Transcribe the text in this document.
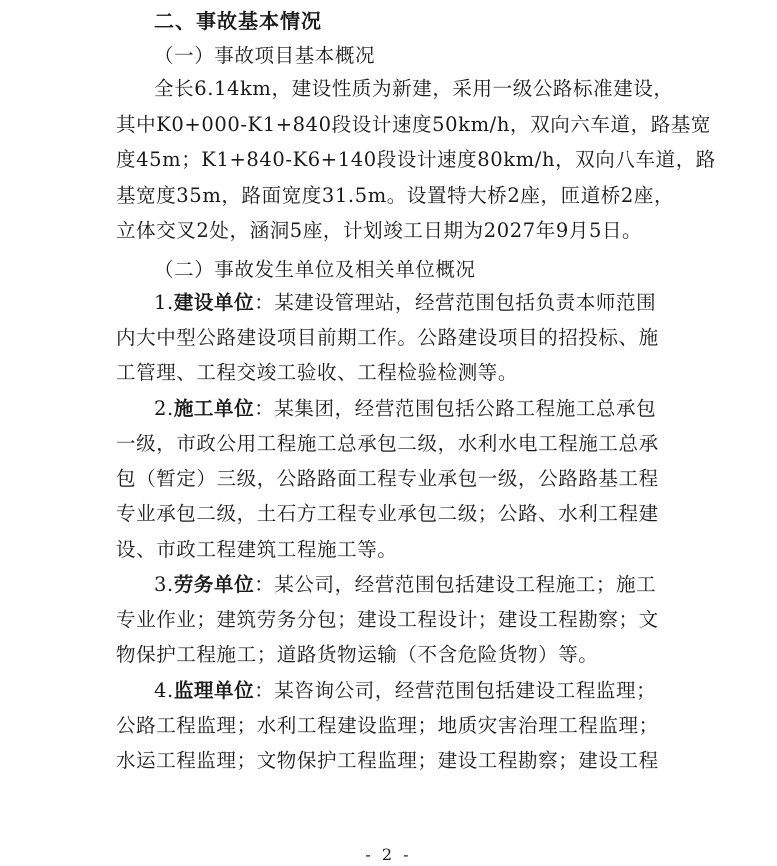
二、事故基本情况
（一）事故项目基本概况
全长6.14km，建设性质为新建，采用一级公路标准建设，
其中K0+000-K1+840段设计速度50km/h，双向六车道，路基宽
度45m；K1+840-K6+140段设计速度80km/h，双向八车道，路
基宽度35m，路面宽度31.5m。设置特大桥2座，匝道桥2座，
立体交叉2处，涵洞5座，计划竣工日期为2027年9月5日。
（二）事故发生单位及相关单位概况
1.建设单位：某建设管理站，经营范围包括负责本师范围
内大中型公路建设项目前期工作。公路建设项目的招投标、施
工管理、工程交竣工验收、工程检验检测等。
2.施工单位：某集团，经营范围包括公路工程施工总承包
一级，市政公用工程施工总承包二级，水利水电工程施工总承
包（暂定）三级，公路路面工程专业承包一级，公路路基工程
专业承包二级，土石方工程专业承包二级；公路、水利工程建
设、市政工程建筑工程施工等。
3.劳务单位：某公司，经营范围包括建设工程施工；施工
专业作业；建筑劳务分包；建设工程设计；建设工程勘察；文
物保护工程施工；道路货物运输（不含危险货物）等。
4.监理单位：某咨询公司，经营范围包括建设工程监理；
公路工程监理；水利工程建设监理；地质灾害治理工程监理；
水运工程监理；文物保护工程监理；建设工程勘察；建设工程
- 2 -
